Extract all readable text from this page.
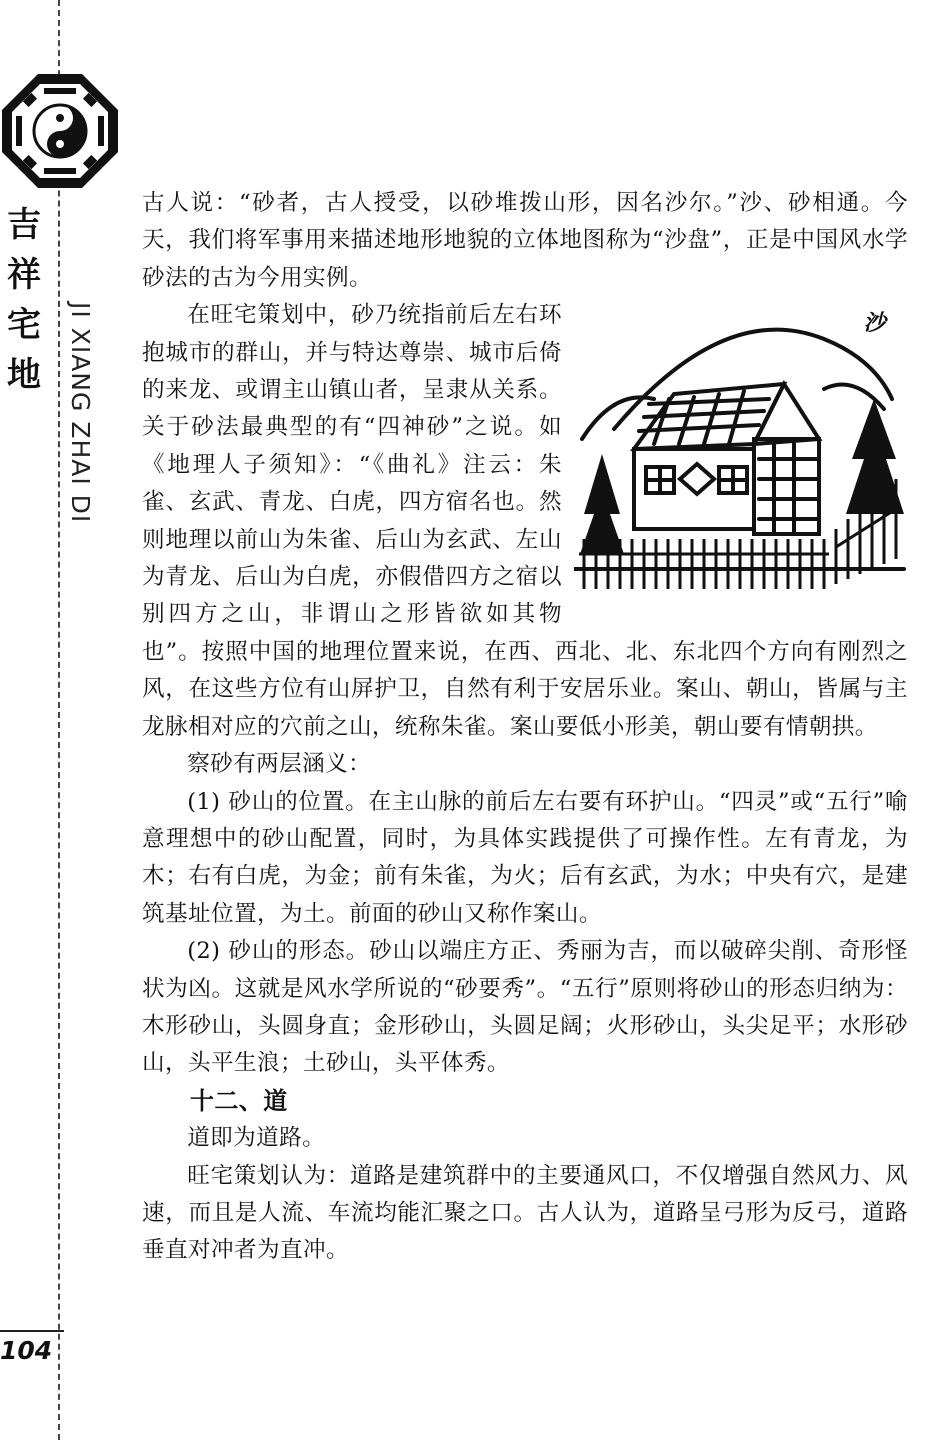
吉
祥
宅
地 JI XIANG ZHAI DI
104

古人说：“砂者，古人授受，以砂堆拨山形，因名沙尔。”沙、砂相通。今天，我们将军事用来描述地形地貌的立体地图称为“沙盘”，正是中国风水学砂法的古为今用实例。

沙
在旺宅策划中，砂乃统指前后左右环抱城市的群山，并与特达尊崇、城市后倚的来龙、或谓主山镇山者，呈隶从关系。关于砂法最典型的有“四神砂”之说。如《地理人子须知》：“《曲礼》注云：朱雀、玄武、青龙、白虎，四方宿名也。然则地理以前山为朱雀、后山为玄武、左山为青龙、后山为白虎，亦假借四方之宿以别四方之山，非谓山之形皆欲如其物也”。按照中国的地理位置来说，在西、西北、北、东北四个方向有刚烈之风，在这些方位有山屏护卫，自然有利于安居乐业。案山、朝山，皆属与主龙脉相对应的穴前之山，统称朱雀。案山要低小形美，朝山要有情朝拱。

察砂有两层涵义：

(1) 砂山的位置。在主山脉的前后左右要有环护山。“四灵”或“五行”喻意理想中的砂山配置，同时，为具体实践提供了可操作性。左有青龙，为木；右有白虎，为金；前有朱雀，为火；后有玄武，为水；中央有穴，是建筑基址位置，为土。前面的砂山又称作案山。

(2) 砂山的形态。砂山以端庄方正、秀丽为吉，而以破碎尖削、奇形怪状为凶。这就是风水学所说的“砂要秀”。“五行”原则将砂山的形态归纳为：木形砂山，头圆身直；金形砂山，头圆足阔；火形砂山，头尖足平；水形砂山，头平生浪；土砂山，头平体秀。

十二、道

道即为道路。

旺宅策划认为：道路是建筑群中的主要通风口，不仅增强自然风力、风速，而且是人流、车流均能汇聚之口。古人认为，道路呈弓形为反弓，道路垂直对冲者为直冲。
